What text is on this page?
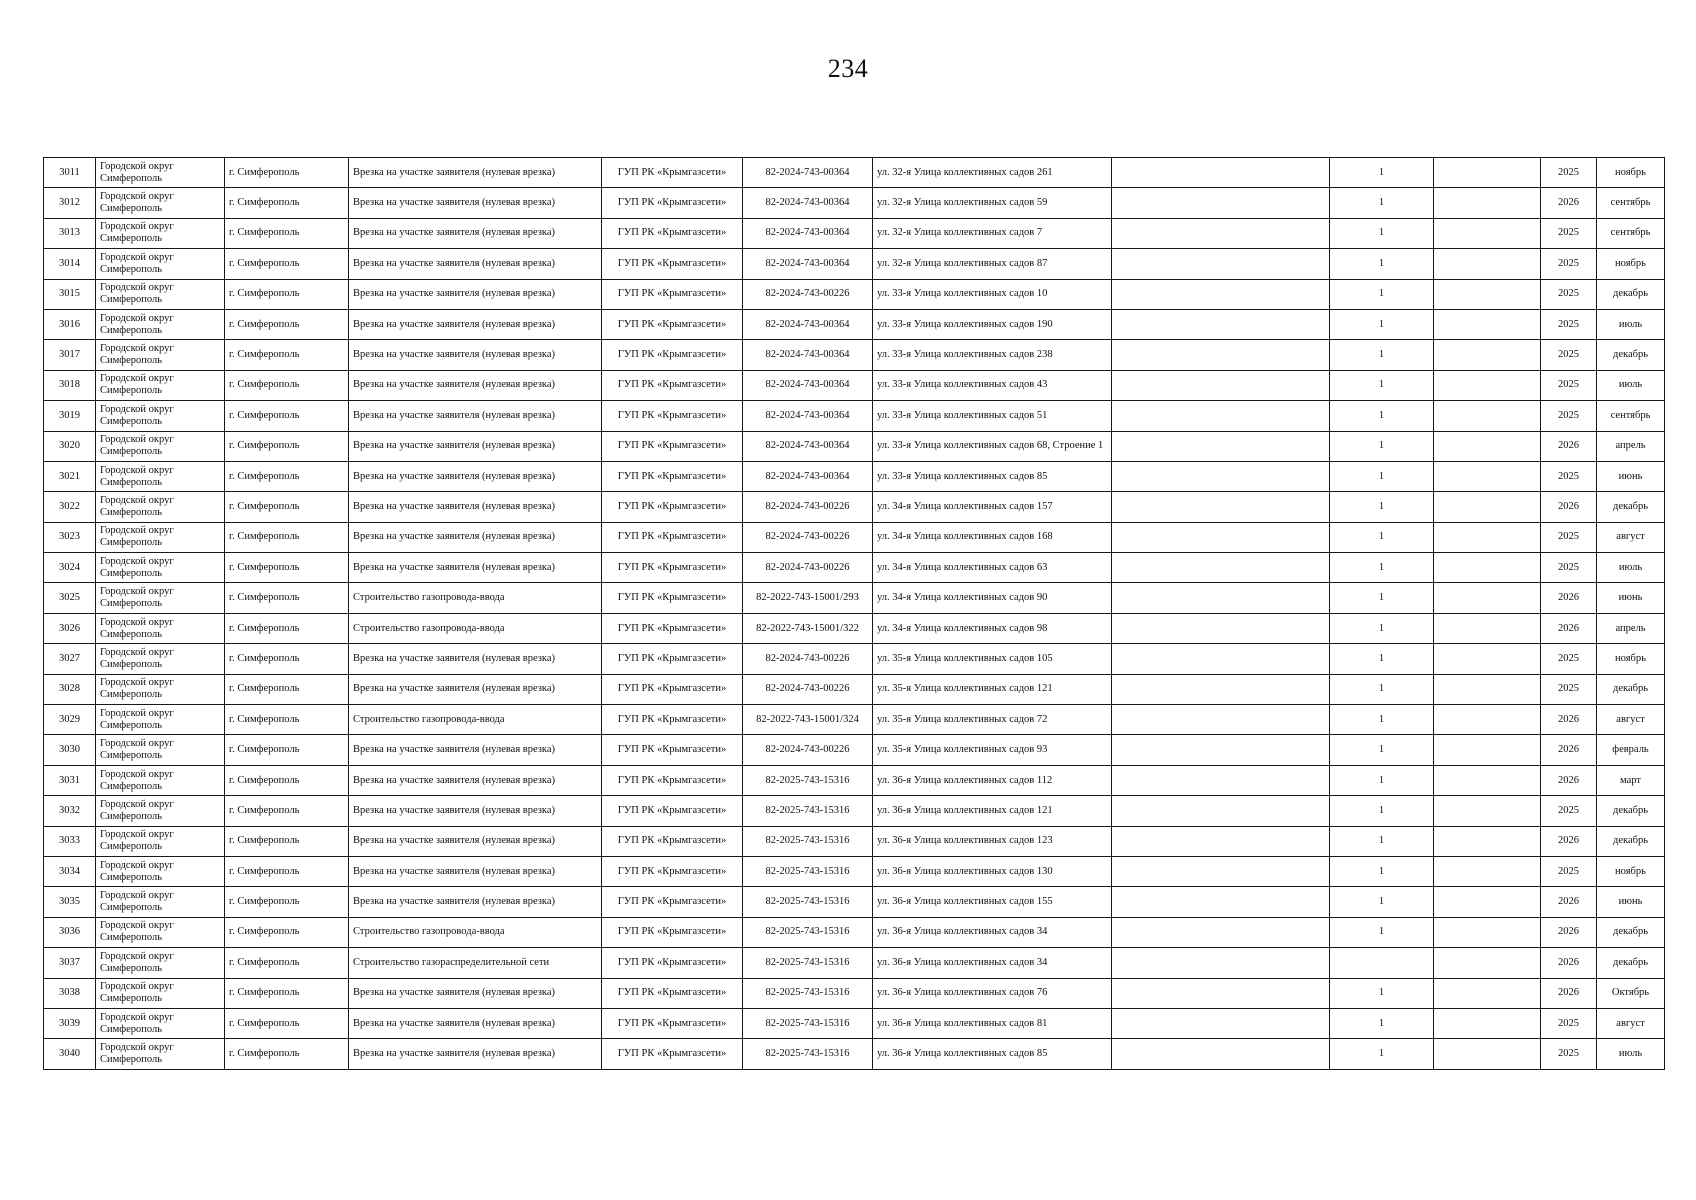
234
3011	Городской округ Симферополь	г. Симферополь	Врезка на участке заявителя (нулевая врезка)	ГУП РК «Крымгазсети»	82-2024-743-00364	ул. 32-я Улица коллективных садов 261		1		2025	ноябрь
3012	Городской округ Симферополь	г. Симферополь	Врезка на участке заявителя (нулевая врезка)	ГУП РК «Крымгазсети»	82-2024-743-00364	ул. 32-я Улица коллективных садов 59		1		2026	сентябрь
3013	Городской округ Симферополь	г. Симферополь	Врезка на участке заявителя (нулевая врезка)	ГУП РК «Крымгазсети»	82-2024-743-00364	ул. 32-я Улица коллективных садов 7		1		2025	сентябрь
3014	Городской округ Симферополь	г. Симферополь	Врезка на участке заявителя (нулевая врезка)	ГУП РК «Крымгазсети»	82-2024-743-00364	ул. 32-я Улица коллективных садов 87		1		2025	ноябрь
3015	Городской округ Симферополь	г. Симферополь	Врезка на участке заявителя (нулевая врезка)	ГУП РК «Крымгазсети»	82-2024-743-00226	ул. 33-я Улица коллективных садов 10		1		2025	декабрь
3016	Городской округ Симферополь	г. Симферополь	Врезка на участке заявителя (нулевая врезка)	ГУП РК «Крымгазсети»	82-2024-743-00364	ул. 33-я Улица коллективных садов 190		1		2025	июль
3017	Городской округ Симферополь	г. Симферополь	Врезка на участке заявителя (нулевая врезка)	ГУП РК «Крымгазсети»	82-2024-743-00364	ул. 33-я Улица коллективных садов 238		1		2025	декабрь
3018	Городской округ Симферополь	г. Симферополь	Врезка на участке заявителя (нулевая врезка)	ГУП РК «Крымгазсети»	82-2024-743-00364	ул. 33-я Улица коллективных садов 43		1		2025	июль
3019	Городской округ Симферополь	г. Симферополь	Врезка на участке заявителя (нулевая врезка)	ГУП РК «Крымгазсети»	82-2024-743-00364	ул. 33-я Улица коллективных садов 51		1		2025	сентябрь
3020	Городской округ Симферополь	г. Симферополь	Врезка на участке заявителя (нулевая врезка)	ГУП РК «Крымгазсети»	82-2024-743-00364	ул. 33-я Улица коллективных садов 68, Строение 1		1		2026	апрель
3021	Городской округ Симферополь	г. Симферополь	Врезка на участке заявителя (нулевая врезка)	ГУП РК «Крымгазсети»	82-2024-743-00364	ул. 33-я Улица коллективных садов 85		1		2025	июнь
3022	Городской округ Симферополь	г. Симферополь	Врезка на участке заявителя (нулевая врезка)	ГУП РК «Крымгазсети»	82-2024-743-00226	ул. 34-я Улица коллективных садов 157		1		2026	декабрь
3023	Городской округ Симферополь	г. Симферополь	Врезка на участке заявителя (нулевая врезка)	ГУП РК «Крымгазсети»	82-2024-743-00226	ул. 34-я Улица коллективных садов 168		1		2025	август
3024	Городской округ Симферополь	г. Симферополь	Врезка на участке заявителя (нулевая врезка)	ГУП РК «Крымгазсети»	82-2024-743-00226	ул. 34-я Улица коллективных садов 63		1		2025	июль
3025	Городской округ Симферополь	г. Симферополь	Строительство газопровода-ввода	ГУП РК «Крымгазсети»	82-2022-743-15001/293	ул. 34-я Улица коллективных садов 90		1		2026	июнь
3026	Городской округ Симферополь	г. Симферополь	Строительство газопровода-ввода	ГУП РК «Крымгазсети»	82-2022-743-15001/322	ул. 34-я Улица коллективных садов 98		1		2026	апрель
3027	Городской округ Симферополь	г. Симферополь	Врезка на участке заявителя (нулевая врезка)	ГУП РК «Крымгазсети»	82-2024-743-00226	ул. 35-я Улица коллективных садов 105		1		2025	ноябрь
3028	Городской округ Симферополь	г. Симферополь	Врезка на участке заявителя (нулевая врезка)	ГУП РК «Крымгазсети»	82-2024-743-00226	ул. 35-я Улица коллективных садов 121		1		2025	декабрь
3029	Городской округ Симферополь	г. Симферополь	Строительство газопровода-ввода	ГУП РК «Крымгазсети»	82-2022-743-15001/324	ул. 35-я Улица коллективных садов 72		1		2026	август
3030	Городской округ Симферополь	г. Симферополь	Врезка на участке заявителя (нулевая врезка)	ГУП РК «Крымгазсети»	82-2024-743-00226	ул. 35-я Улица коллективных садов 93		1		2026	февраль
3031	Городской округ Симферополь	г. Симферополь	Врезка на участке заявителя (нулевая врезка)	ГУП РК «Крымгазсети»	82-2025-743-15316	ул. 36-я Улица коллективных садов 112		1		2026	март
3032	Городской округ Симферополь	г. Симферополь	Врезка на участке заявителя (нулевая врезка)	ГУП РК «Крымгазсети»	82-2025-743-15316	ул. 36-я Улица коллективных садов 121		1		2025	декабрь
3033	Городской округ Симферополь	г. Симферополь	Врезка на участке заявителя (нулевая врезка)	ГУП РК «Крымгазсети»	82-2025-743-15316	ул. 36-я Улица коллективных садов 123		1		2026	декабрь
3034	Городской округ Симферополь	г. Симферополь	Врезка на участке заявителя (нулевая врезка)	ГУП РК «Крымгазсети»	82-2025-743-15316	ул. 36-я Улица коллективных садов 130		1		2025	ноябрь
3035	Городской округ Симферополь	г. Симферополь	Врезка на участке заявителя (нулевая врезка)	ГУП РК «Крымгазсети»	82-2025-743-15316	ул. 36-я Улица коллективных садов 155		1		2026	июнь
3036	Городской округ Симферополь	г. Симферополь	Строительство газопровода-ввода	ГУП РК «Крымгазсети»	82-2025-743-15316	ул. 36-я Улица коллективных садов 34		1		2026	декабрь
3037	Городской округ Симферополь	г. Симферополь	Строительство газораспределительной сети	ГУП РК «Крымгазсети»	82-2025-743-15316	ул. 36-я Улица коллективных садов 34				2026	декабрь
3038	Городской округ Симферополь	г. Симферополь	Врезка на участке заявителя (нулевая врезка)	ГУП РК «Крымгазсети»	82-2025-743-15316	ул. 36-я Улица коллективных садов 76		1		2026	Октябрь
3039	Городской округ Симферополь	г. Симферополь	Врезка на участке заявителя (нулевая врезка)	ГУП РК «Крымгазсети»	82-2025-743-15316	ул. 36-я Улица коллективных садов 81		1		2025	август
3040	Городской округ Симферополь	г. Симферополь	Врезка на участке заявителя (нулевая врезка)	ГУП РК «Крымгазсети»	82-2025-743-15316	ул. 36-я Улица коллективных садов 85		1		2025	июль
